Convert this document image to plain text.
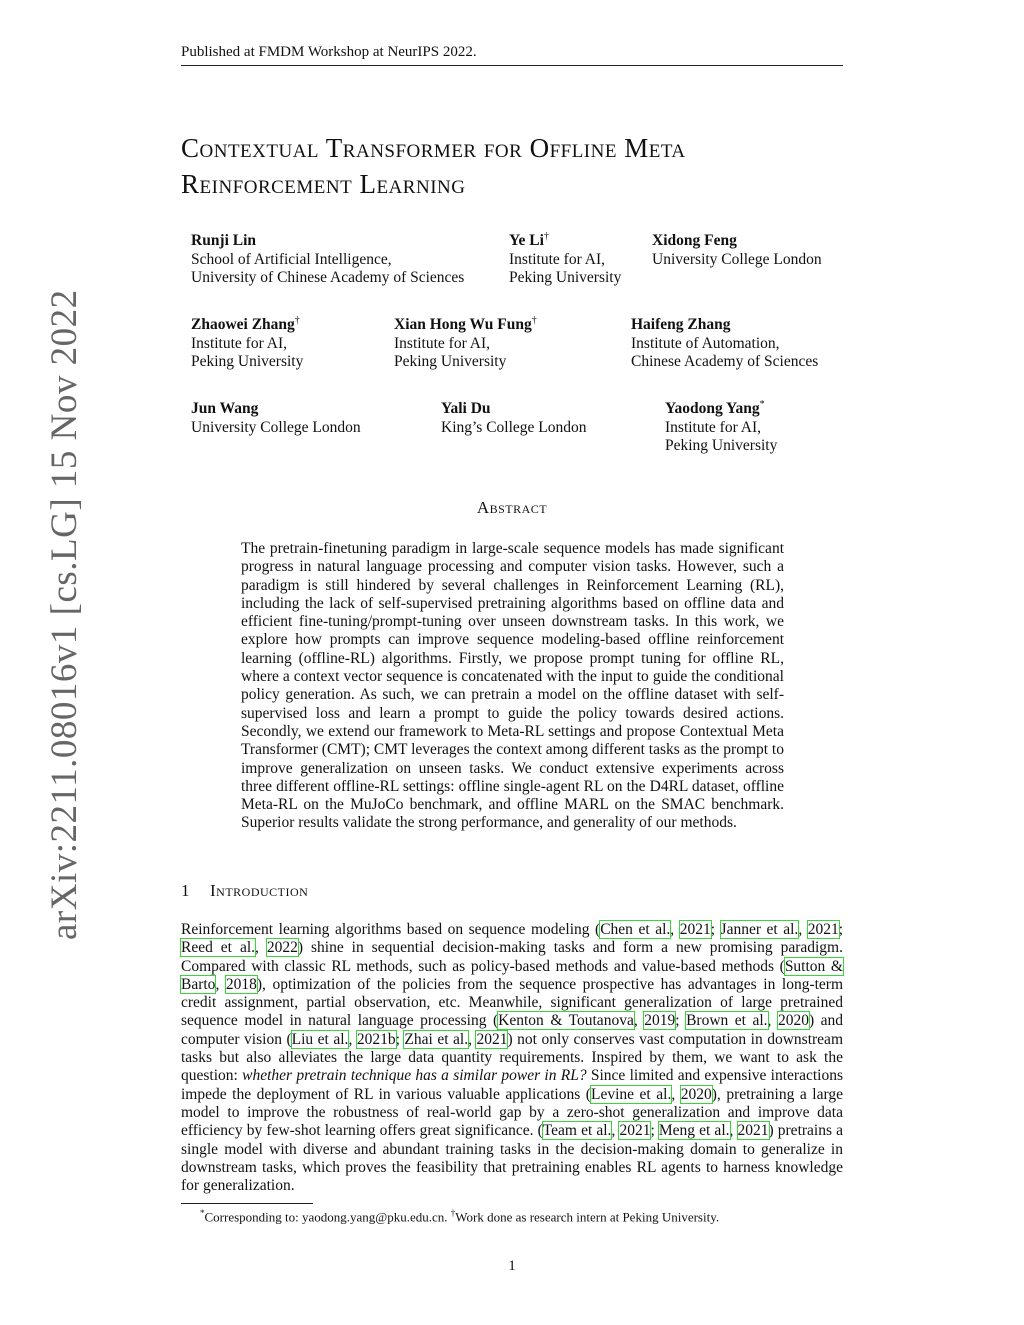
Published at FMDM Workshop at NeurIPS 2022.
arXiv:2211.08016v1 [cs.LG] 15 Nov 2022
Contextual Transformer for Offline Meta
Reinforcement Learning
Runji Lin
School of Artificial Intelligence,
University of Chinese Academy of Sciences
Ye Li†
Institute for AI,
Peking University
Xidong Feng
University College London
Zhaowei Zhang†
Institute for AI,
Peking University
Xian Hong Wu Fung†
Institute for AI,
Peking University
Haifeng Zhang
Institute of Automation,
Chinese Academy of Sciences
Jun Wang
University College London
Yali Du
King’s College London
Yaodong Yang*
Institute for AI,
Peking University
Abstract
The pretrain-finetuning paradigm in large-scale sequence models has made significant progress in natural language processing and computer vision tasks. However, such a paradigm is still hindered by several challenges in Reinforcement Learning (RL), including the lack of self-supervised pretraining algorithms based on offline data and efficient fine-tuning/prompt-tuning over unseen downstream tasks. In this work, we explore how prompts can improve sequence modeling-based offline reinforcement learning (offline-RL) algorithms. Firstly, we propose prompt tuning for offline RL, where a context vector sequence is concatenated with the input to guide the conditional policy generation. As such, we can pretrain a model on the offline dataset with self-supervised loss and learn a prompt to guide the policy towards desired actions. Secondly, we extend our framework to Meta-RL settings and propose Contextual Meta Transformer (CMT); CMT leverages the context among different tasks as the prompt to improve generalization on unseen tasks. We conduct extensive experiments across three different offline-RL settings: offline single-agent RL on the D4RL dataset, offline Meta-RL on the MuJoCo benchmark, and offline MARL on the SMAC benchmark. Superior results validate the strong performance, and generality of our methods.
1 Introduction
Reinforcement learning algorithms based on sequence modeling (Chen et al., 2021; Janner et al., 2021; Reed et al., 2022) shine in sequential decision-making tasks and form a new promising paradigm. Compared with classic RL methods, such as policy-based methods and value-based methods (Sutton & Barto, 2018), optimization of the policies from the sequence prospective has advantages in long-term credit assignment, partial observation, etc. Meanwhile, significant generalization of large pretrained sequence model in natural language processing (Kenton & Toutanova, 2019; Brown et al., 2020) and computer vision (Liu et al., 2021b; Zhai et al., 2021) not only conserves vast computation in downstream tasks but also alleviates the large data quantity requirements. Inspired by them, we want to ask the question: whether pretrain technique has a similar power in RL? Since limited and expensive interactions impede the deployment of RL in various valuable applications (Levine et al., 2020), pretraining a large model to improve the robustness of real-world gap by a zero-shot generalization and improve data efficiency by few-shot learning offers great significance. (Team et al., 2021; Meng et al., 2021) pretrains a single model with diverse and abundant training tasks in the decision-making domain to generalize in downstream tasks, which proves the feasibility that pretraining enables RL agents to harness knowledge for generalization.
*Corresponding to: yaodong.yang@pku.edu.cn. †Work done as research intern at Peking University.
1
